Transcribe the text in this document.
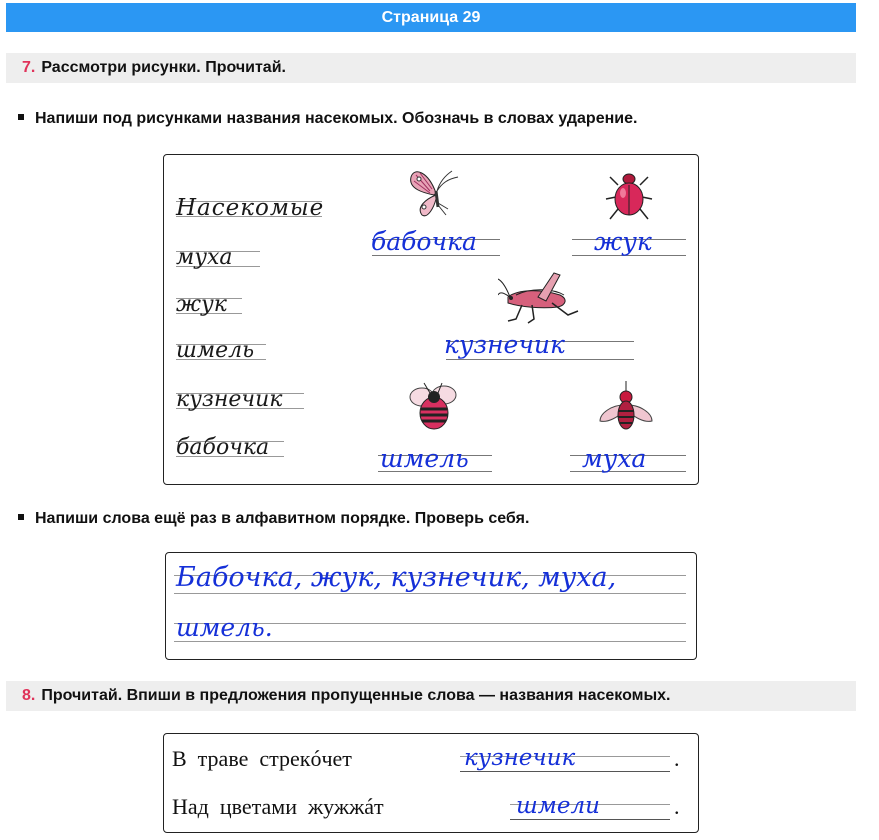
Страница 29
7. Рассмотри рисунки. Прочитай.
Напиши под рисунками названия насекомых. Обозначь в словах ударение.
Насекомые
муха
жук
шмель
кузнечик
бабочка
бабочка	жук
кузнечик
шмель	муха
Напиши слова ещё раз в алфавитном порядке. Проверь себя.
Бабочка, жук, кузнечик, муха,
шмель.
8. Прочитай. Впиши в предложения пропущенные слова — названия насекомых.
В  траве  стрекóчет	кузнечик	.
Над  цветами  жужжáт	шмели	.
